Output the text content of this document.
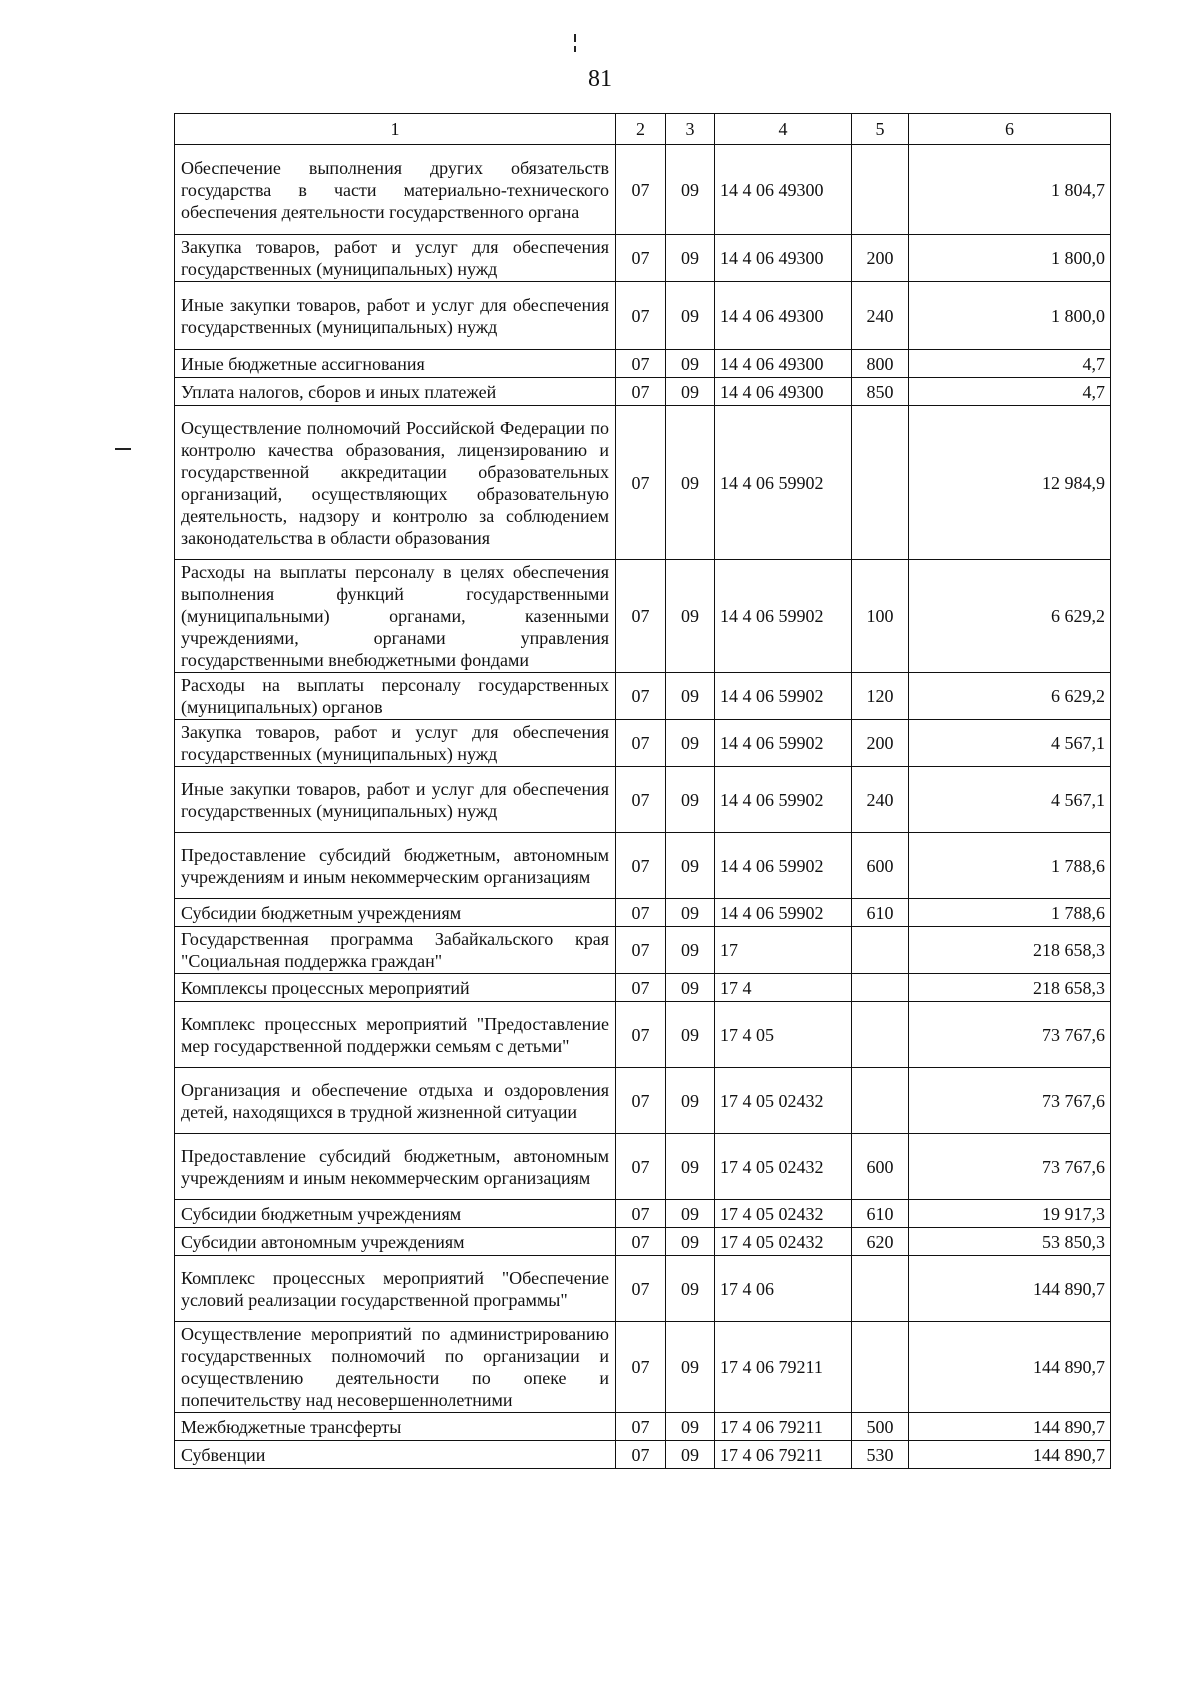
81
1	2	3	4	5	6
Обеспечение выполнения других обязательств государства в части материально-технического обеспечения деятельности государственного органа	07	09	14 4 06 49300		1 804,7
Закупка товаров, работ и услуг для обеспечения государственных (муниципальных) нужд	07	09	14 4 06 49300	200	1 800,0
Иные закупки товаров, работ и услуг для обеспечения государственных (муниципальных) нужд	07	09	14 4 06 49300	240	1 800,0
Иные бюджетные ассигнования	07	09	14 4 06 49300	800	4,7
Уплата налогов, сборов и иных платежей	07	09	14 4 06 49300	850	4,7
Осуществление полномочий Российской Федерации по контролю качества образования, лицензированию и государственной аккредитации образовательных организаций, осуществляющих образовательную деятельность, надзору и контролю за соблюдением законодательства в области образования	07	09	14 4 06 59902		12 984,9
Расходы на выплаты персоналу в целях обеспечения выполнения функций государственными (муниципальными) органами, казенными учреждениями, органами управления государственными внебюджетными фондами	07	09	14 4 06 59902	100	6 629,2
Расходы на выплаты персоналу государственных (муниципальных) органов	07	09	14 4 06 59902	120	6 629,2
Закупка товаров, работ и услуг для обеспечения государственных (муниципальных) нужд	07	09	14 4 06 59902	200	4 567,1
Иные закупки товаров, работ и услуг для обеспечения государственных (муниципальных) нужд	07	09	14 4 06 59902	240	4 567,1
Предоставление субсидий бюджетным, автономным учреждениям и иным некоммерческим организациям	07	09	14 4 06 59902	600	1 788,6
Субсидии бюджетным учреждениям	07	09	14 4 06 59902	610	1 788,6
Государственная программа Забайкальского края "Социальная поддержка граждан"	07	09	17		218 658,3
Комплексы процессных мероприятий	07	09	17 4		218 658,3
Комплекс процессных мероприятий "Предоставление мер государственной поддержки семьям с детьми"	07	09	17 4 05		73 767,6
Организация и обеспечение отдыха и оздоровления детей, находящихся в трудной жизненной ситуации	07	09	17 4 05 02432		73 767,6
Предоставление субсидий бюджетным, автономным учреждениям и иным некоммерческим организациям	07	09	17 4 05 02432	600	73 767,6
Субсидии бюджетным учреждениям	07	09	17 4 05 02432	610	19 917,3
Субсидии автономным учреждениям	07	09	17 4 05 02432	620	53 850,3
Комплекс процессных мероприятий "Обеспечение условий реализации государственной программы"	07	09	17 4 06		144 890,7
Осуществление мероприятий по администрированию государственных полномочий по организации и осуществлению деятельности по опеке и попечительству над несовершеннолетними	07	09	17 4 06 79211		144 890,7
Межбюджетные трансферты	07	09	17 4 06 79211	500	144 890,7
Субвенции	07	09	17 4 06 79211	530	144 890,7
